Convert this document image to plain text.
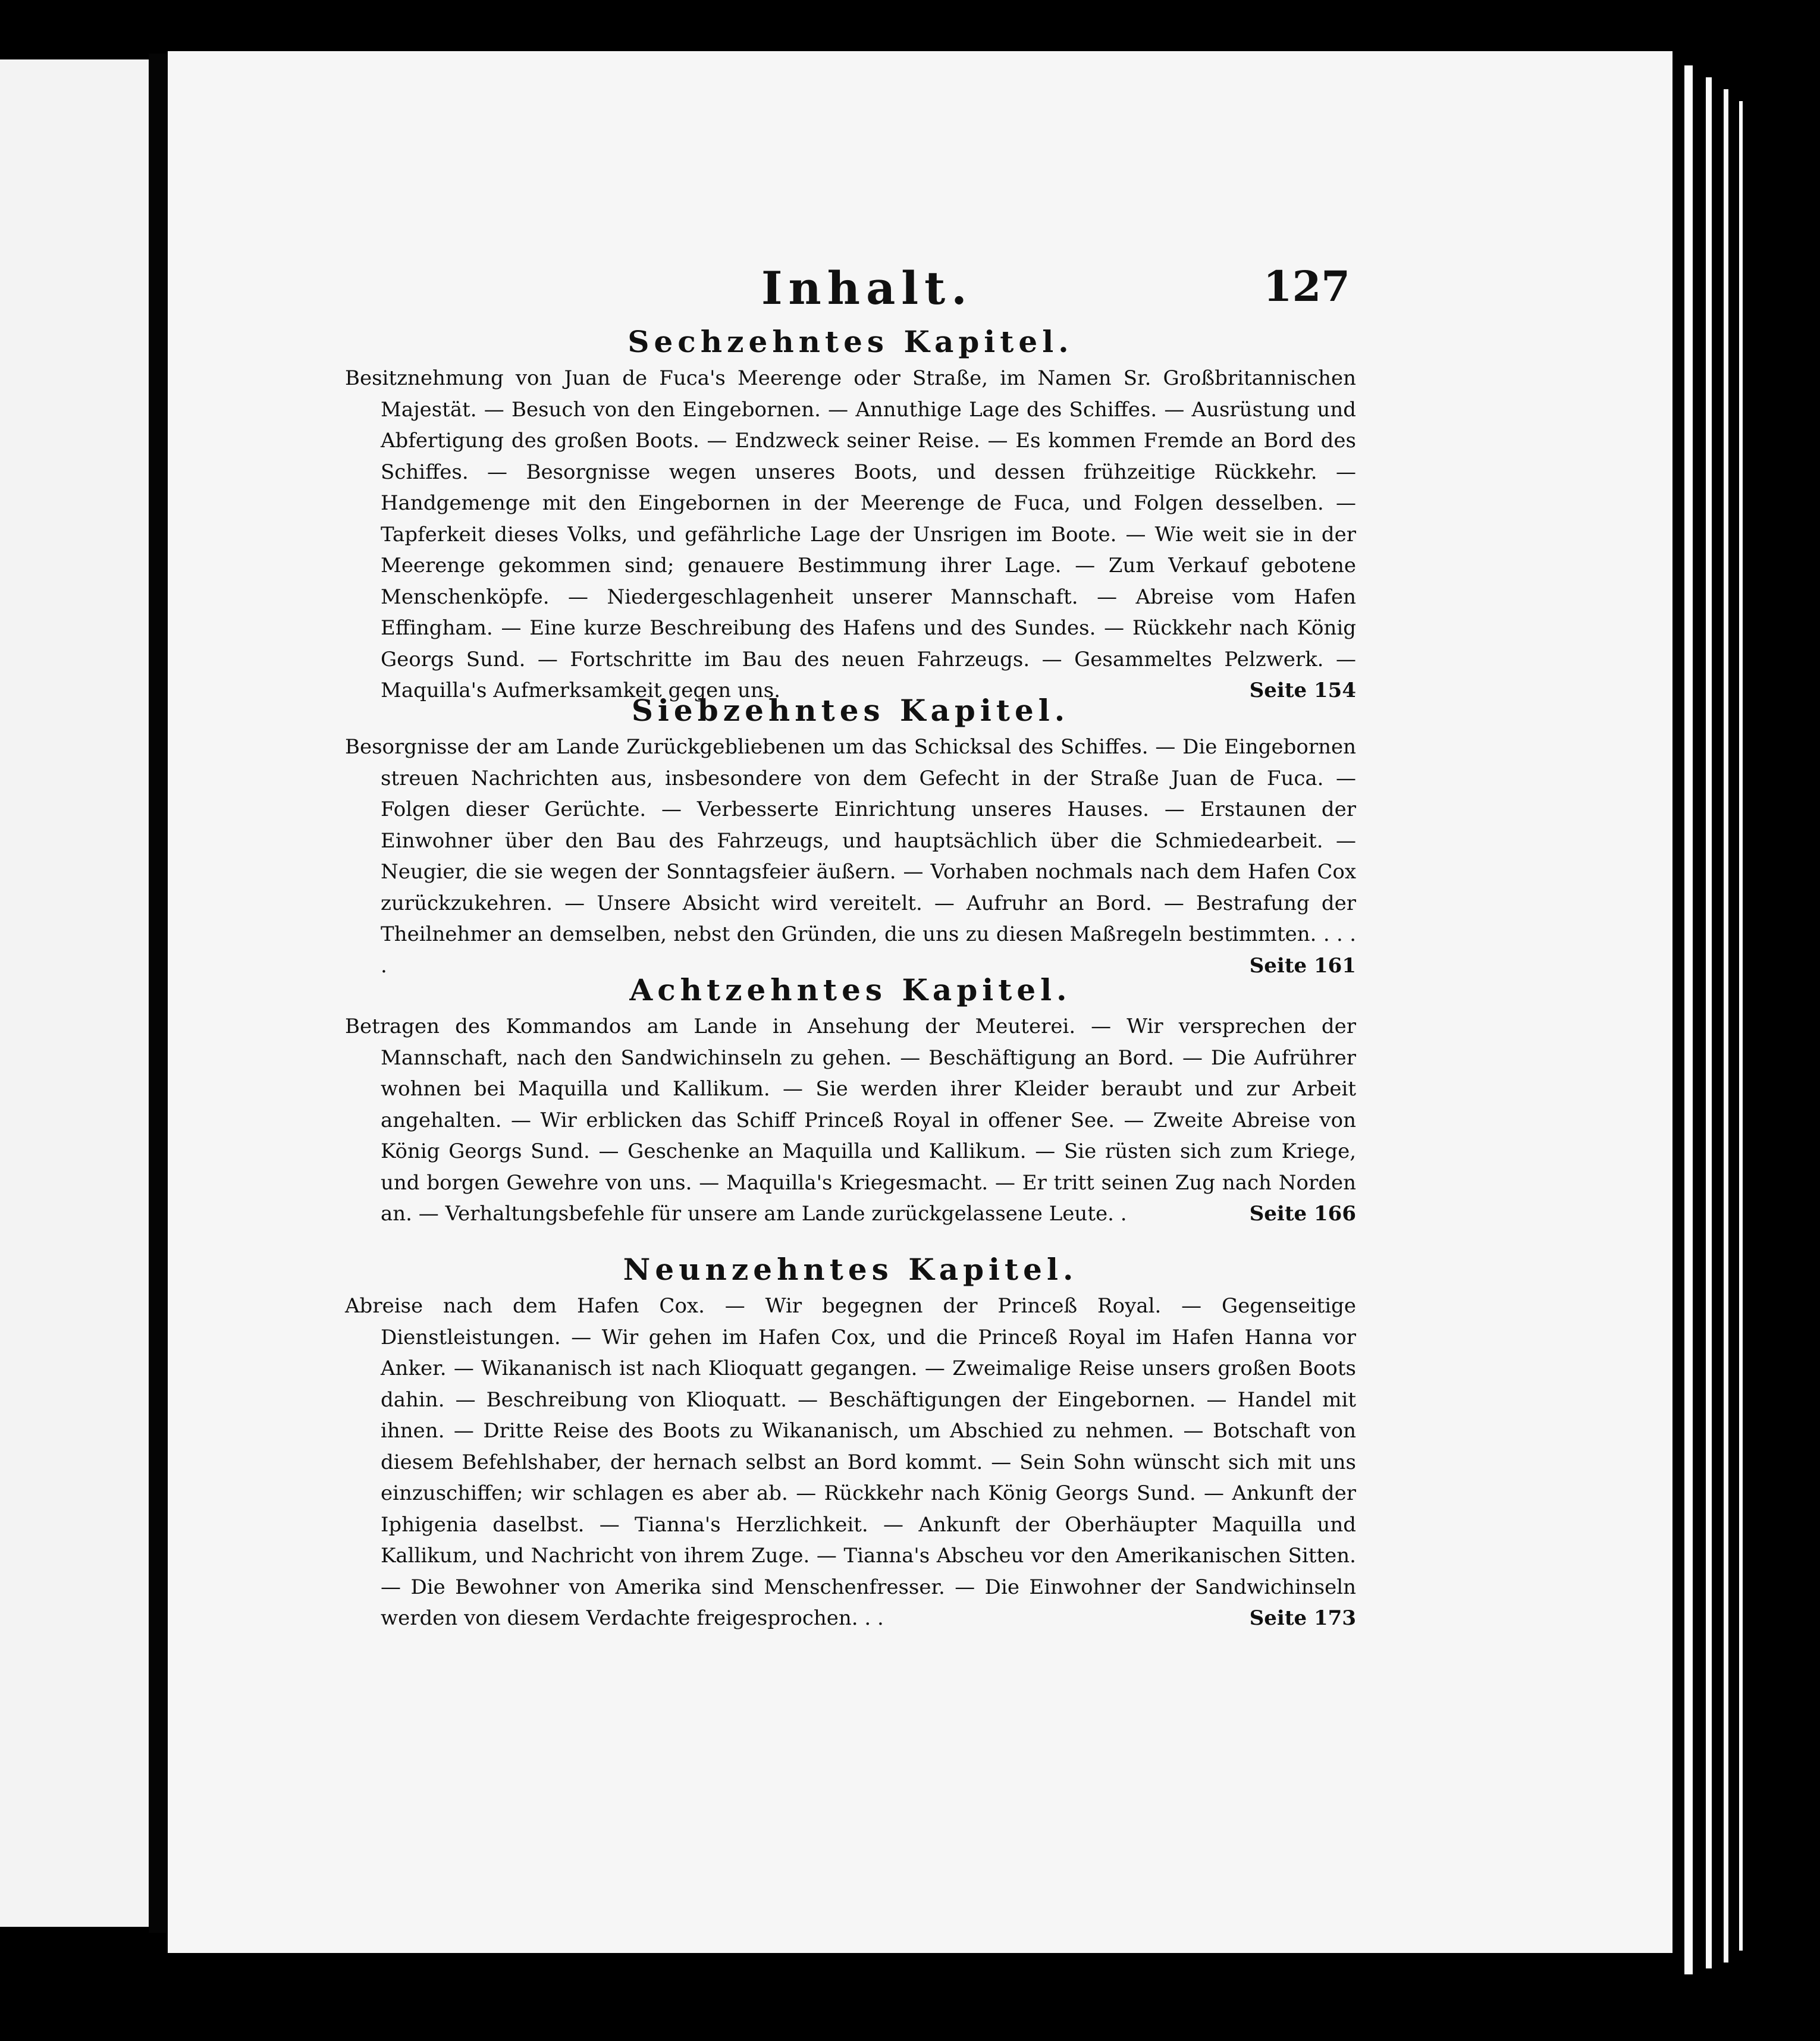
Inhalt.	127
Sechzehntes Kapitel.
Besitznehmung von Juan de Fuca's Meerenge oder Straße, im Namen Sr. Großbritannischen Majestät. — Besuch von den Eingebornen. — Annuthige Lage des Schiffes. — Ausrüstung und Abfertigung des großen Boots. — Endzweck seiner Reise. — Es kommen Fremde an Bord des Schiffes. — Besorgnisse wegen unseres Boots, und dessen frühzeitige Rückkehr. — Handgemenge mit den Eingebornen in der Meerenge de Fuca, und Folgen desselben. — Tapferkeit dieses Volks, und gefährliche Lage der Unsrigen im Boote. — Wie weit sie in der Meerenge gekommen sind; genauere Bestimmung ihrer Lage. — Zum Verkauf gebotene Menschenköpfe. — Niedergeschlagenheit unserer Mannschaft. — Abreise vom Hafen Effingham. — Eine kurze Beschreibung des Hafens und des Sundes. — Rückkehr nach König Georgs Sund. — Fortschritte im Bau des neuen Fahrzeugs. — Gesammeltes Pelzwerk. — Maquilla's Aufmerksamkeit gegen uns.	Seite 154
Siebzehntes Kapitel.
Besorgnisse der am Lande Zurückgebliebenen um das Schicksal des Schiffes. — Die Eingebornen streuen Nachrichten aus, insbesondere von dem Gefecht in der Straße Juan de Fuca. — Folgen dieser Gerüchte. — Verbesserte Einrichtung unseres Hauses. — Erstaunen der Einwohner über den Bau des Fahrzeugs, und hauptsächlich über die Schmiedearbeit. — Neugier, die sie wegen der Sonntagsfeier äußern. — Vorhaben nochmals nach dem Hafen Cox zurückzukehren. — Unsere Absicht wird vereitelt. — Aufruhr an Bord. — Bestrafung der Theilnehmer an demselben, nebst den Gründen, die uns zu diesen Maßregeln bestimmten. . . . .	Seite 161
Achtzehntes Kapitel.
Betragen des Kommandos am Lande in Ansehung der Meuterei. — Wir versprechen der Mannschaft, nach den Sandwichinseln zu gehen. — Beschäftigung an Bord. — Die Aufrührer wohnen bei Maquilla und Kallikum. — Sie werden ihrer Kleider beraubt und zur Arbeit angehalten. — Wir erblicken das Schiff Princeß Royal in offener See. — Zweite Abreise von König Georgs Sund. — Geschenke an Maquilla und Kallikum. — Sie rüsten sich zum Kriege, und borgen Gewehre von uns. — Maquilla's Kriegesmacht. — Er tritt seinen Zug nach Norden an. — Verhaltungsbefehle für unsere am Lande zurückgelassene Leute. .	Seite 166
Neunzehntes Kapitel.
Abreise nach dem Hafen Cox. — Wir begegnen der Princeß Royal. — Gegenseitige Dienstleistungen. — Wir gehen im Hafen Cox, und die Princeß Royal im Hafen Hanna vor Anker. — Wikananisch ist nach Klioquatt gegangen. — Zweimalige Reise unsers großen Boots dahin. — Beschreibung von Klioquatt. — Beschäftigungen der Eingebornen. — Handel mit ihnen. — Dritte Reise des Boots zu Wikananisch, um Abschied zu nehmen. — Botschaft von diesem Befehlshaber, der hernach selbst an Bord kommt. — Sein Sohn wünscht sich mit uns einzuschiffen; wir schlagen es aber ab. — Rückkehr nach König Georgs Sund. — Ankunft der Iphigenia daselbst. — Tianna's Herzlichkeit. — Ankunft der Oberhäupter Maquilla und Kallikum, und Nachricht von ihrem Zuge. — Tianna's Abscheu vor den Amerikanischen Sitten. — Die Bewohner von Amerika sind Menschenfresser. — Die Einwohner der Sandwichinseln werden von diesem Verdachte freigesprochen. . .	Seite 173
